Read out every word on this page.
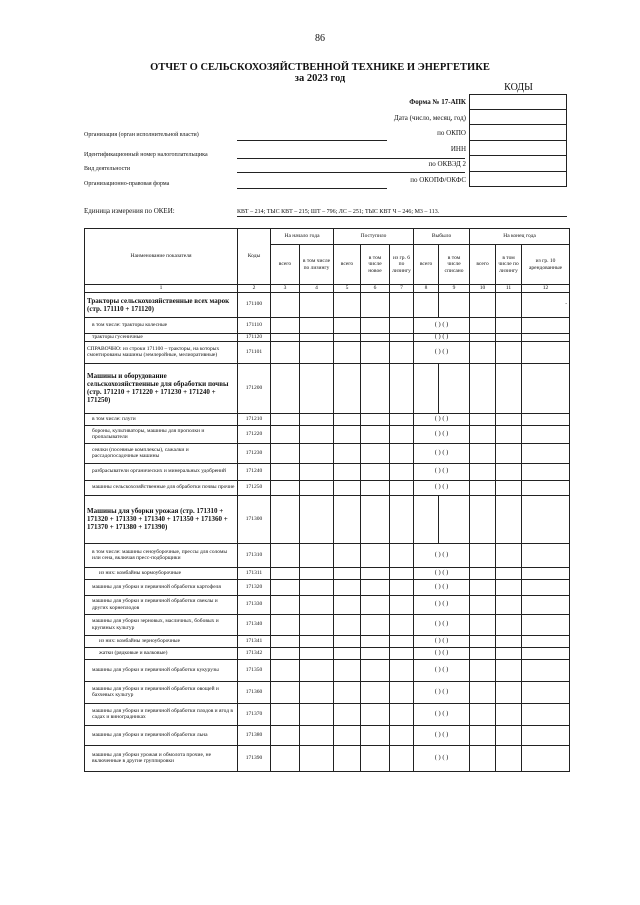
86
ОТЧЕТ О СЕЛЬСКОХОЗЯЙСТВЕННОЙ ТЕХНИКЕ И ЭНЕРГЕТИКЕ
за 2023 год
КОДЫ
Форма № 17-АПК
Дата (число, месяц, год)
по ОКПО
ИНН
по ОКВЭД 2
по ОКОПФ/ОКФС
Организация (орган исполнительной власти)
Идентификационный номер налогоплательщика
Вид деятельности
Организационно-правовая форма
Единица измерения по ОКЕИ:	КВТ – 214; ТЫС КВТ – 215; ШТ – 796; ЛС – 251; ТЫС КВТ Ч – 246; М3 – 113.
Наименование показателя	Коды	На начало года		Поступило			Выбыло		На конец года		
		всего	в том числе по лизингу	всего	в том числе новое	из гр. 6 по лизингу	всего	в том числе списано	всего	в том числе по лизингу	из гр. 10 арендованные
1	2	3	4	5	6	7	8	9	10	11	12
Тракторы сельскохозяйственные всех марок (стр. 171110 + 171120)	171100										-
в том числе: тракторы колесные	171110						( ) ( )				
тракторы гусеничные	171120						( ) ( )				
СПРАВОЧНО: из строки 171100 – тракторы, на которых смонтированы машины (землеройные, мелиоративные)	171101						( ) ( )				
Машины и оборудование сельскохозяйственные для обработки почвы (стр. 171210 + 171220 + 171230 + 171240 + 171250)	171200										
в том числе: плуги	171210						( ) ( )				
бороны, культиваторы, машины для прополки и пропалыватели	171220						( ) ( )				
сеялки (посевные комплексы), сажалки и рассадопосадочные машины	171230						( ) ( )				
разбрасыватели органических и минеральных удобрений	171240						( ) ( )				
машины сельскохозяйственные для обработки почвы прочие	171250						( ) ( )				
Машины для уборки урожая (стр. 171310 + 171320 + 171330 + 171340 + 171350 + 171360 + 171370 + 171380 + 171390)	171300										
в том числе: машины сеноуборочные, прессы для соломы или сена, включая пресс-подборщики	171310						( ) ( )				
из них: комбайны кормоуборочные	171311						( ) ( )				
машины для уборки и первичной обработки картофеля	171320						( ) ( )				
машины для уборки и первичной обработки свеклы и других корнеплодов	171330						( ) ( )				
машины для уборки зерновых, масличных, бобовых и крупяных культур	171340						( ) ( )				
из них: комбайны зерноуборочные	171341						( ) ( )				
жатки (рядковые и валковые)	171342						( ) ( )				
машины для уборки и первичной обработки кукурузы	171350						( ) ( )				
машины для уборки и первичной обработки овощей и бахчевых культур	171360						( ) ( )				
машины для уборки и первичной обработки плодов и ягод в садах и виноградниках	171370						( ) ( )				
машины для уборки и первичной обработки льна	171380						( ) ( )				
машины для уборки урожая и обмолота прочие, не включенные в другие группировки	171390						( ) ( )				
